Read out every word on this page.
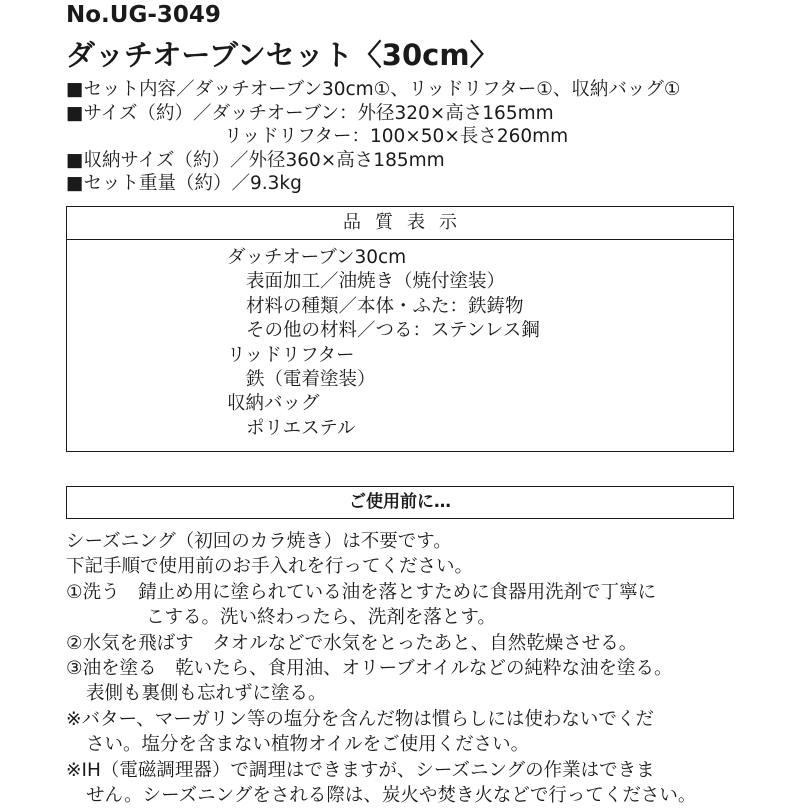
No.UG-3049
ダッチオーブンセット〈30cm〉
■セット内容／ダッチオーブン30cm①、リッドリフター①、収納バッグ①
■サイズ（約）／ダッチオーブン：外径320×高さ165mm
リッドリフター：100×50×長さ260mm
■収納サイズ（約）／外径360×高さ185mm
■セット重量（約）／9.3kg
品質表示
ダッチオーブン30cm
表面加工／油焼き（焼付塗装）
材料の種類／本体・ふた：鉄鋳物
その他の材料／つる：ステンレス鋼
リッドリフター
鉄（電着塗装）
収納バッグ
ポリエステル
ご使用前に…
シーズニング（初回のカラ焼き）は不要です。
下記手順で使用前のお手入れを行ってください。
①洗う　錆止め用に塗られている油を落とすために食器用洗剤で丁寧に
こする。洗い終わったら、洗剤を落とす。
②水気を飛ばす　タオルなどで水気をとったあと、自然乾燥させる。
③油を塗る　乾いたら、食用油、オリーブオイルなどの純粋な油を塗る。
表側も裏側も忘れずに塗る。
※バター、マーガリン等の塩分を含んだ物は慣らしには使わないでくだ
さい。塩分を含まない植物オイルをご使用ください。
※IH（電磁調理器）で調理はできますが、シーズニングの作業はできま
せん。シーズニングをされる際は、炭火や焚き火などで行ってください。
